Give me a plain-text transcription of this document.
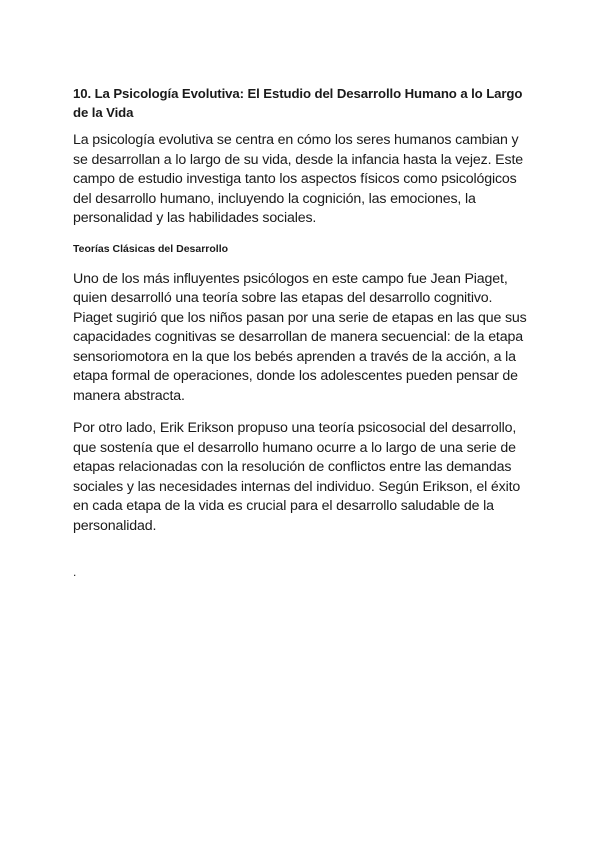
10. La Psicología Evolutiva: El Estudio del Desarrollo Humano a lo Largo de la Vida

La psicología evolutiva se centra en cómo los seres humanos cambian y se desarrollan a lo largo de su vida, desde la infancia hasta la vejez. Este campo de estudio investiga tanto los aspectos físicos como psicológicos del desarrollo humano, incluyendo la cognición, las emociones, la personalidad y las habilidades sociales.

Teorías Clásicas del Desarrollo

Uno de los más influyentes psicólogos en este campo fue Jean Piaget, quien desarrolló una teoría sobre las etapas del desarrollo cognitivo. Piaget sugirió que los niños pasan por una serie de etapas en las que sus capacidades cognitivas se desarrollan de manera secuencial: de la etapa sensoriomotora en la que los bebés aprenden a través de la acción, a la etapa formal de operaciones, donde los adolescentes pueden pensar de manera abstracta.

Por otro lado, Erik Erikson propuso una teoría psicosocial del desarrollo, que sostenía que el desarrollo humano ocurre a lo largo de una serie de etapas relacionadas con la resolución de conflictos entre las demandas sociales y las necesidades internas del individuo. Según Erikson, el éxito en cada etapa de la vida es crucial para el desarrollo saludable de la personalidad.

.
